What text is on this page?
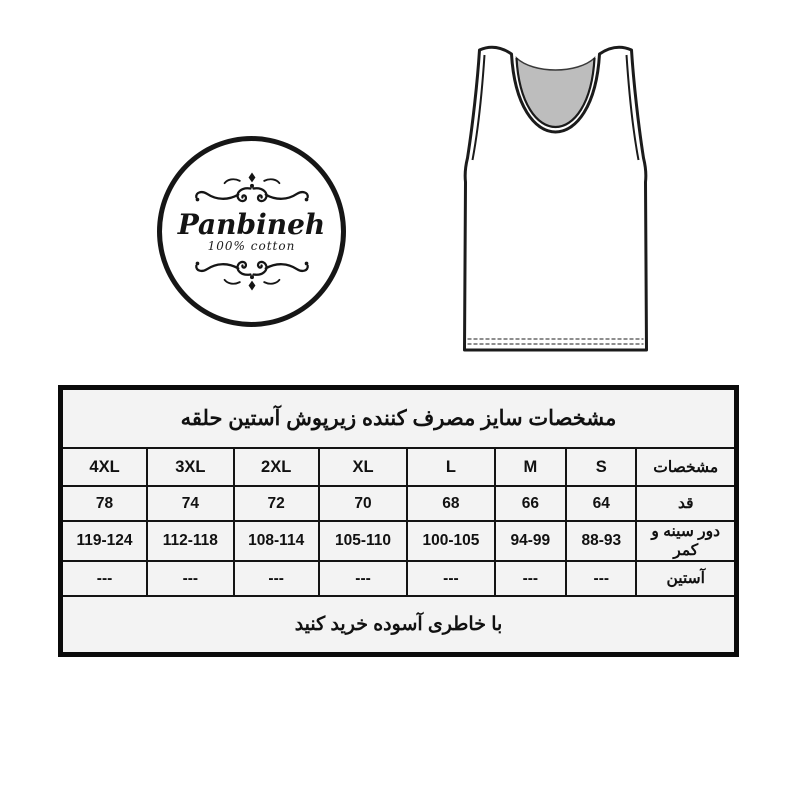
Panbineh
100% cotton
مشخصات سایز مصرف کننده زیرپوش آستین حلقه							
مشخصات	S	M	L	XL	2XL	3XL	4XL
قد	64	66	68	70	72	74	78
دور سینه و کمر	88-93	94-99	100-105	105-110	108-114	112-118	119-124
آستین	---	---	---	---	---	---	---
با خاطری آسوده خرید کنید							
